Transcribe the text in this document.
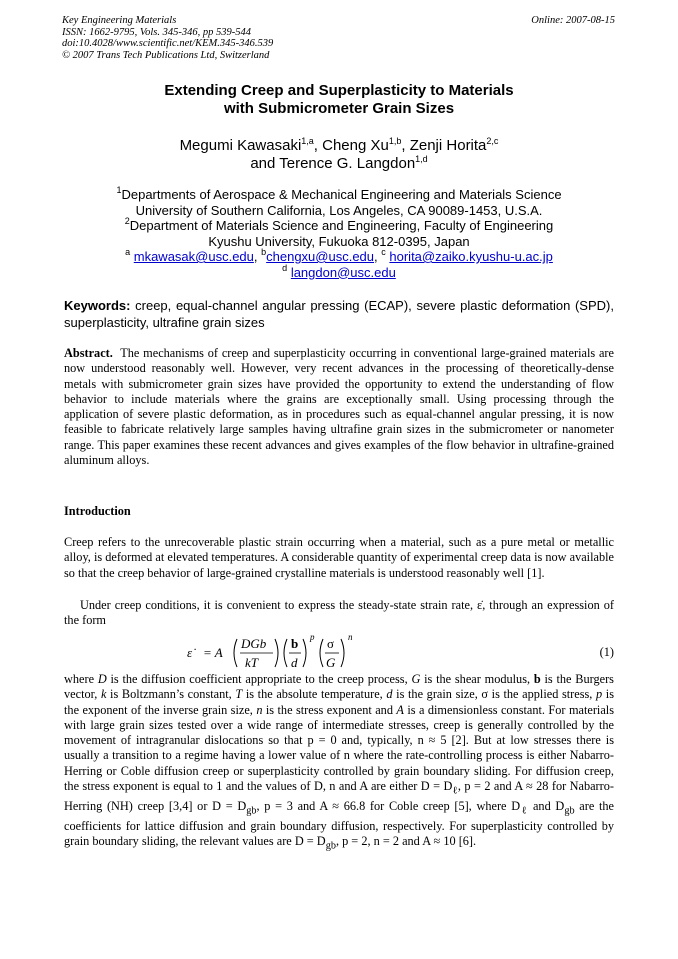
Key Engineering Materials
ISSN: 1662-9795, Vols. 345-346, pp 539-544
doi:10.4028/www.scientific.net/KEM.345-346.539
© 2007 Trans Tech Publications Ltd, Switzerland
Online: 2007-08-15
Extending Creep and Superplasticity to Materials
with Submicrometer Grain Sizes
Megumi Kawasaki$^{1,a}$, Cheng Xu$^{1,b}$, Zenji Horita$^{2,c}$
and Terence G. Langdon$^{1,d}$
$^1$Departments of Aerospace & Mechanical Engineering and Materials Science
University of Southern California, Los Angeles, CA 90089-1453, U.S.A.
$^2$Department of Materials Science and Engineering, Faculty of Engineering
Kyushu University, Fukuoka 812-0395, Japan
$^a$ mkawasak@usc.edu, $^b$chengxu@usc.edu, $^c$ horita@zaiko.kyushu-u.ac.jp
$^d$ langdon@usc.edu
Keywords: creep, equal-channel angular pressing (ECAP), severe plastic deformation (SPD), superplasticity, ultrafine grain sizes
Abstract. The mechanisms of creep and superplasticity occurring in conventional large-grained materials are now understood reasonably well. However, very recent advances in the processing of theoretically-dense metals with submicrometer grain sizes have provided the opportunity to extend the understanding of flow behavior to include materials where the grains are exceptionally small. Using processing through the application of severe plastic deformation, as in procedures such as equal-channel angular pressing, it is now feasible to fabricate relatively large samples having ultrafine grain sizes in the submicrometer or nanometer range. This paper examines these recent advances and gives examples of the flow behavior in ultrafine-grained aluminum alloys.
Introduction
Creep refers to the unrecoverable plastic strain occurring when a material, such as a pure metal or metallic alloy, is deformed at elevated temperatures. A considerable quantity of experimental creep data is now available so that the creep behavior of large-grained crystalline materials is understood reasonably well [1].
Under creep conditions, it is convenient to express the steady-state strain rate, ε̇, through an expression of the form
ε̇ = A
DGb
kT
b
d
p σ
G
n
(1)
where D is the diffusion coefficient appropriate to the creep process, G is the shear modulus, b is the Burgers vector, k is Boltzmann’s constant, T is the absolute temperature, d is the grain size, σ is the applied stress, p is the exponent of the inverse grain size, n is the stress exponent and A is a dimensionless constant. For materials with large grain sizes tested over a wide range of intermediate stresses, creep is generally controlled by the movement of intragranular dislocations so that p = 0 and, typically, n ≈ 5 [2]. But at low stresses there is usually a transition to a regime having a lower value of n where the rate-controlling process is either Nabarro-Herring or Coble diffusion creep or superplasticity controlled by grain boundary sliding. For diffusion creep, the stress exponent is equal to 1 and the values of D, n and A are either $D = D_\ell$, p = 2 and A ≈ 28 for Nabarro-Herring (NH) creep [3,4] or $D = D_{gb}$, p = 3 and A ≈ 66.8 for Coble creep [5], where $D_\ell$ and $D_{gb}$ are the coefficients for lattice diffusion and grain boundary diffusion, respectively. For superplasticity controlled by grain boundary sliding, the relevant values are $D = D_{gb}$, p = 2, n = 2 and A ≈ 10 [6].
